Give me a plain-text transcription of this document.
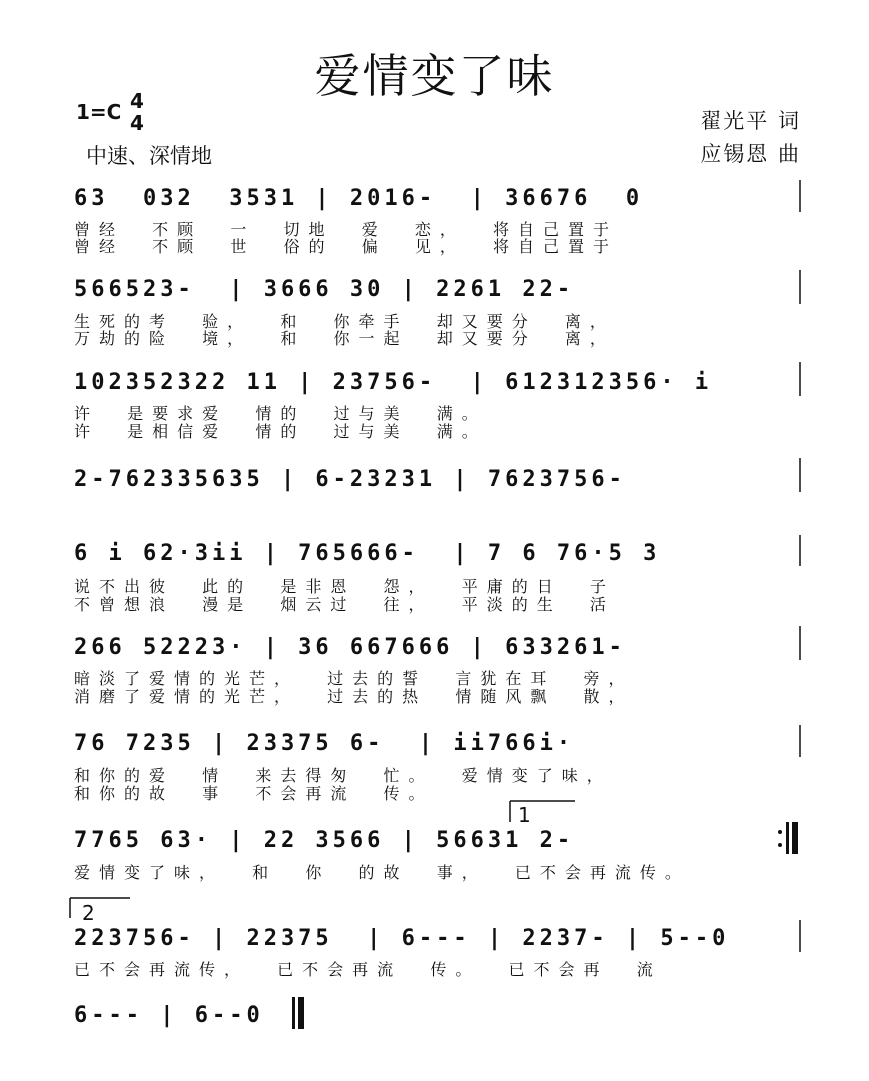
爱情变了味
1=C 4
4
中速、深情地
翟光平 词
应锡恩 曲
63  032  3531 | 2016-  | 36676  0
曾经  不顾  一  切地  爱  恋，  将自己置于
曾经  不顾  世  俗的  偏  见，  将自己置于
566523-  | 3666 30 | 2261 22-
生死的考  验，  和  你牵手  却又要分  离，
万劫的险  境，  和  你一起  却又要分  离，
102352322 11 | 23756-  | 612312356· i
许  是要求爱  情的  过与美  满。
许  是相信爱  情的  过与美  满。
2-762335635 | 6-23231 | 7623756-
6 i 62·3ii | 765666-  | 7 6 76·5 3
说不出彼  此的  是非恩  怨，  平庸的日  子
不曾想浪  漫是  烟云过  往，  平淡的生  活
266 52223· | 36 667666 | 633261-
暗淡了爱情的光芒，  过去的誓  言犹在耳  旁，
消磨了爱情的光芒，  过去的热  情随风飘  散，
76 7235 | 23375 6-  | ii766i·
和你的爱  情  来去得匆  忙。  爱情变了味，
和你的故  事  不会再流  传。
1
7765 63· | 22 3566 | 56631 2-
爱情变了味，  和  你  的故  事，  已不会再流传。
2
223756- | 22375  | 6--- | 2237- | 5--0
已不会再流传，  已不会再流  传。  已不会再  流
6--- | 6--0
